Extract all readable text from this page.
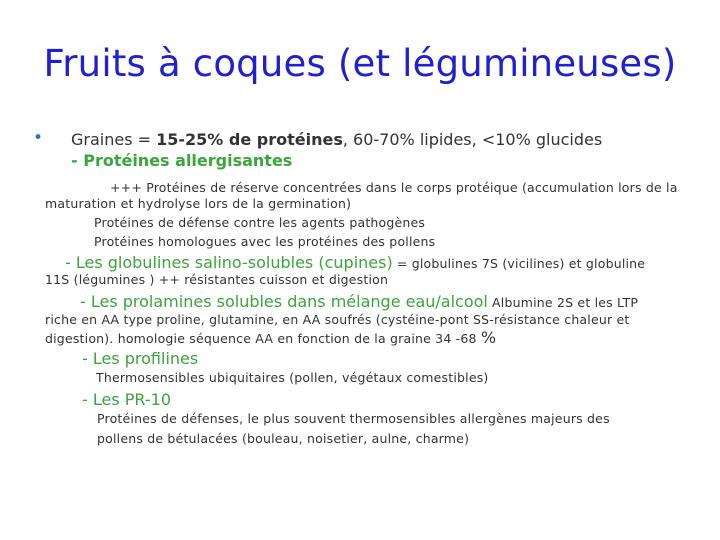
Fruits à coques (et légumineuses)
• Graines = 15-25% de protéines, 60-70% lipides, <10% glucides
- Protéines allergisantes
+++ Protéines de réserve concentrées dans le corps protéique (accumulation lors de la
maturation et hydrolyse lors de la germination)
Protéines de défense contre les agents pathogènes
Protéines homologues avec les protéines des pollens
- Les globulines salino-solubles (cupines) = globulines 7S (vicilines) et globuline
11S (légumines ) ++ résistantes cuisson et digestion
- Les prolamines solubles dans mélange eau/alcool Albumine 2S et les LTP
riche en AA type proline, glutamine, en AA soufrés (cystéine-pont SS-résistance chaleur et
digestion). homologie séquence AA en fonction de la graine 34 -68 %
- Les profilines
Thermosensibles ubiquitaires (pollen, végétaux comestibles)
- Les PR-10
Protéines de défenses, le plus souvent thermosensibles allergènes majeurs des
pollens de bétulacées (bouleau, noisetier, aulne, charme)
